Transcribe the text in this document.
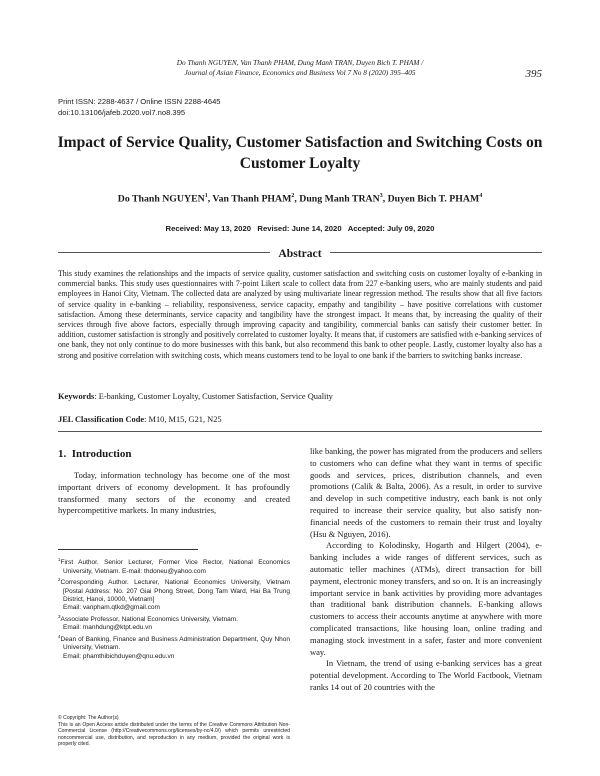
Do Thanh NGUYEN, Van Thanh PHAM, Dung Manh TRAN, Duyen Bich T. PHAM /
Journal of Asian Finance, Economics and Business Vol 7 No 8 (2020) 395–405	395
Print ISSN: 2288-4637 / Online ISSN 2288-4645
doi:10.13106/jafeb.2020.vol7.no8.395
Impact of Service Quality, Customer Satisfaction and Switching Costs on Customer Loyalty
Do Thanh NGUYEN$^1$, Van Thanh PHAM$^2$, Dung Manh TRAN$^3$, Duyen Bich T. PHAM$^4$
Received: May 13, 2020   Revised: June 14, 2020   Accepted: July 09, 2020
Abstract
This study examines the relationships and the impacts of service quality, customer satisfaction and switching costs on customer loyalty of e-banking in commercial banks. This study uses questionnaires with 7-point Likert scale to collect data from 227 e-banking users, who are mainly students and paid employees in Hanoi City, Vietnam. The collected data are analyzed by using multivariate linear regression method. The results show that all five factors of service quality in e-banking – reliability, responsiveness, service capacity, empathy and tangibility – have positive correlations with customer satisfaction. Among these determinants, service capacity and tangibility have the strongest impact. It means that, by increasing the quality of their services through five above factors, especially through improving capacity and tangibility, commercial banks can satisfy their customer better. In addition, customer satisfaction is strongly and positively correlated to customer loyalty. It means that, if customers are satisfied with e-banking services of one bank, they not only continue to do more businesses with this bank, but also recommend this bank to other people. Lastly, customer loyalty also has a strong and positive correlation with switching costs, which means customers tend to be loyal to one bank if the barriers to switching banks increase.
Keywords: E-banking, Customer Loyalty, Customer Satisfaction, Service Quality
JEL Classification Code: M10, M15, G21, N25
1. Introduction

Today, information technology has become one of the most important drivers of economy development. It has profoundly transformed many sectors of the economy and created hypercompetitive markets. In many industries,

like banking, the power has migrated from the producers and sellers to customers who can define what they want in terms of specific goods and services, prices, distribution channels, and even promotions (Calik & Balta, 2006). As a result, in order to survive and develop in such competitive industry, each bank is not only required to increase their service quality, but also satisfy non-financial needs of the customers to remain their trust and loyalty (Hsu & Nguyen, 2016).

According to Kolodinsky, Hogarth and Hilgert (2004), e-banking includes a wide ranges of different services, such as automatic teller machines (ATMs), direct transaction for bill payment, electronic money transfers, and so on. It is an increasingly important service in bank activities by providing more advantages than traditional bank distribution channels. E-banking allows customers to access their accounts anytime at anywhere with more complicated transactions, like housing loan, online trading and managing stock investment in a safer, faster and more convenient way.

In Vietnam, the trend of using e-banking services has a great potential development. According to The World Factbook, Vietnam ranks 14 out of 20 countries with the

$^1$First Author. Senior Lecturer, Former Vice Rector, National Economics University, Vietnam. E-mail: thdoneu@yahoo.com

$^2$Corresponding Author. Lecturer, National Economics University, Vietnam [Postal Address: No. 207 Giai Phong Street, Dong Tam Ward, Hai Ba Trung District, Hanoi, 10000, Vietnam]

Email: vanpham.qtkd@gmail.com

$^3$Associate Professor, National Economics University, Vietnam.

Email: manhdung@ktpt.edu.vn

$^4$Dean of Banking, Finance and Business Administration Department, Quy Nhon University, Vietnam.

Email: phamthibichduyen@qnu.edu.vn
© Copyright: The Author(s)
This is an Open Access article distributed under the terms of the Creative Commons Attribution Non-Commercial License (http://Creativecommons.org/licenses/by-nc/4.0/) which permits unrestricted noncommercial use, distribution, and reproduction in any medium, provided the original work is properly cited.
